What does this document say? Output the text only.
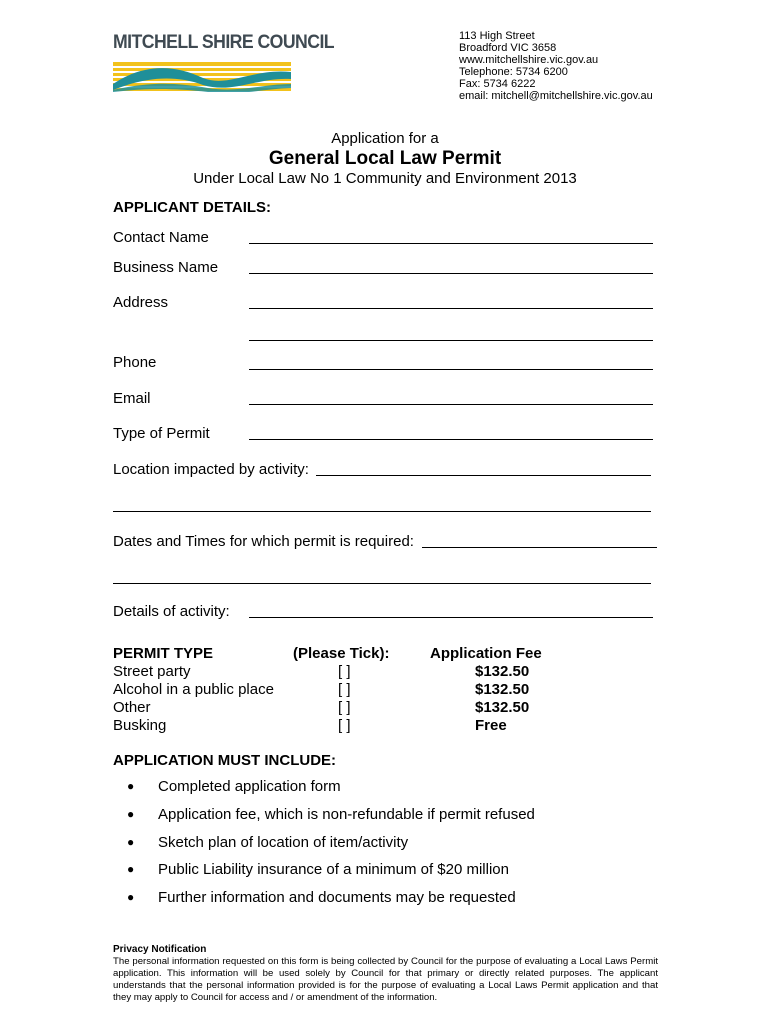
MITCHELL SHIRE COUNCIL	113 High Street
Broadford VIC 3658
www.mitchellshire.vic.gov.au
Telephone: 5734 6200
Fax: 5734 6222
email: mitchell@mitchellshire.vic.gov.au
Application for a
General Local Law Permit
Under Local Law No 1 Community and Environment 2013
APPLICANT DETAILS:
Contact Name
Business Name
Address
Phone
Email
Type of Permit
Location impacted by activity:
Dates and Times for which permit is required:
Details of activity:
PERMIT TYPE
Street party
Alcohol in a public place
Other
Busking
(Please Tick):
[ ]
[ ]
[ ]
[ ]
Application Fee
$132.50
$132.50
$132.50
Free
APPLICATION MUST INCLUDE:
● Completed application form
● Application fee, which is non-refundable if permit refused
● Sketch plan of location of item/activity
● Public Liability insurance of a minimum of $20 million
● Further information and documents may be requested
Privacy Notification
The personal information requested on this form is being collected by Council for the purpose of evaluating a Local Laws Permit application. This information will be used solely by Council for that primary or directly related purposes. The applicant understands that the personal information provided is for the purpose of evaluating a Local Laws Permit application and that they may apply to Council for access and / or amendment of the information.
